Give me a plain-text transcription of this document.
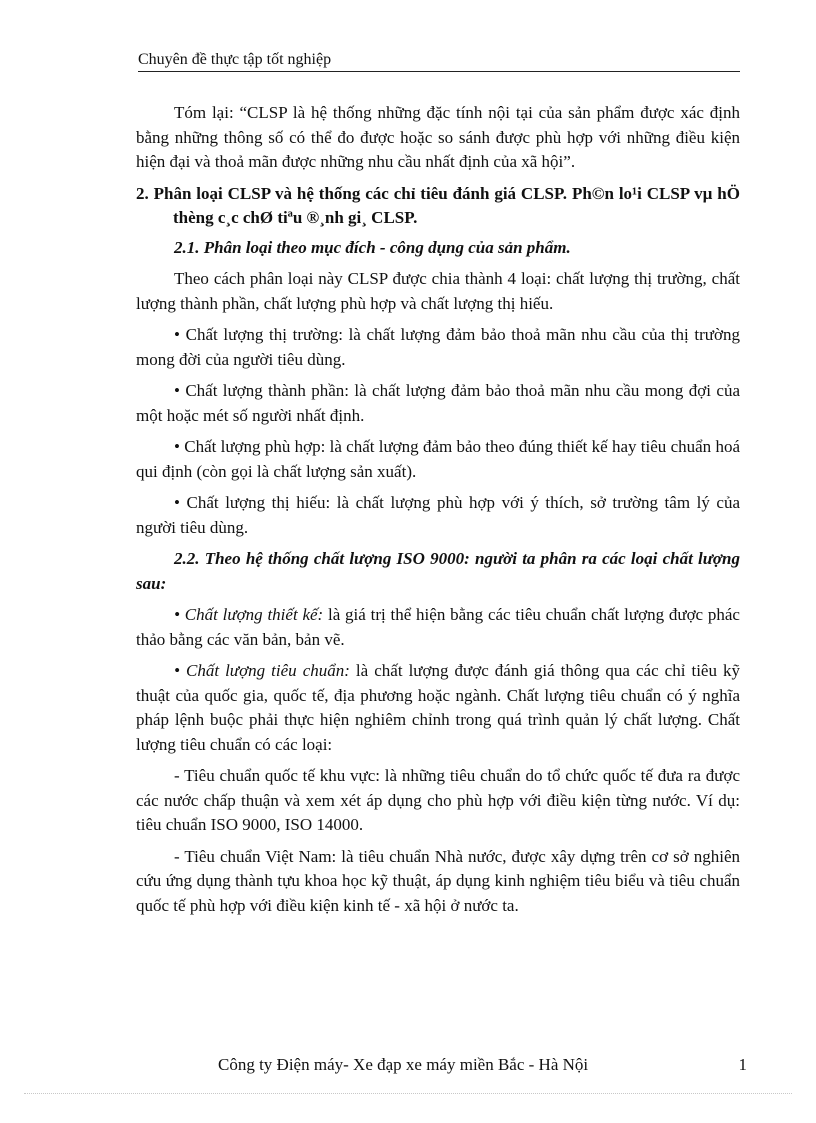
Chuyên đề thực tập tốt nghiệp

Tóm lại: “CLSP là hệ thống những đặc tính nội tại của sản phẩm được xác định bằng những thông số có thể đo được hoặc so sánh được phù hợp với những điều kiện hiện đại và thoả mãn được những nhu cầu nhất định của xã hội”.

2. Phân loại CLSP và hệ thống các chỉ tiêu đánh giá CLSP. Ph©n lo¹i CLSP vµ hÖ thèng c¸c chØ tiªu ®¸nh gi¸ CLSP.

2.1. Phân loại theo mục đích - công dụng của sản phẩm.

Theo cách phân loại này CLSP được chia thành 4 loại: chất lượng thị trường, chất lượng thành phần, chất lượng phù hợp và chất lượng thị hiếu.

• Chất lượng thị trường: là chất lượng đảm bảo thoả mãn nhu cầu của thị trường mong đời của người tiêu dùng.

• Chất lượng thành phần: là chất lượng đảm bảo thoả mãn nhu cầu mong đợi của một hoặc mét số người nhất định.

• Chất lượng phù hợp: là chất lượng đảm bảo theo đúng thiết kế hay tiêu chuẩn hoá qui định (còn gọi là chất lượng sản xuất).

• Chất lượng thị hiếu: là chất lượng phù hợp với ý thích, sở trường tâm lý của người tiêu dùng.

2.2. Theo hệ thống chất lượng ISO 9000: người ta phân ra các loại chất lượng sau:

• Chất lượng thiết kế: là giá trị thể hiện bằng các tiêu chuẩn chất lượng được phác thảo bằng các văn bản, bản vẽ.

• Chất lượng tiêu chuẩn: là chất lượng được đánh giá thông qua các chỉ tiêu kỹ thuật của quốc gia, quốc tế, địa phương hoặc ngành. Chất lượng tiêu chuẩn có ý nghĩa pháp lệnh buộc phải thực hiện nghiêm chỉnh trong quá trình quản lý chất lượng. Chất lượng tiêu chuẩn có các loại:

- Tiêu chuẩn quốc tế khu vực: là những tiêu chuẩn do tổ chức quốc tế đưa ra được các nước chấp thuận và xem xét áp dụng cho phù hợp với điều kiện từng nước. Ví dụ: tiêu chuẩn ISO 9000, ISO 14000.

- Tiêu chuẩn Việt Nam: là tiêu chuẩn Nhà nước, được xây dựng trên cơ sở nghiên cứu ứng dụng thành tựu khoa học kỹ thuật, áp dụng kinh nghiệm tiêu biểu và tiêu chuẩn quốc tế phù hợp với điều kiện kinh tế - xã hội ở nước ta.

Công ty Điện máy- Xe đạp xe máy miền Bắc - Hà Nội	1
